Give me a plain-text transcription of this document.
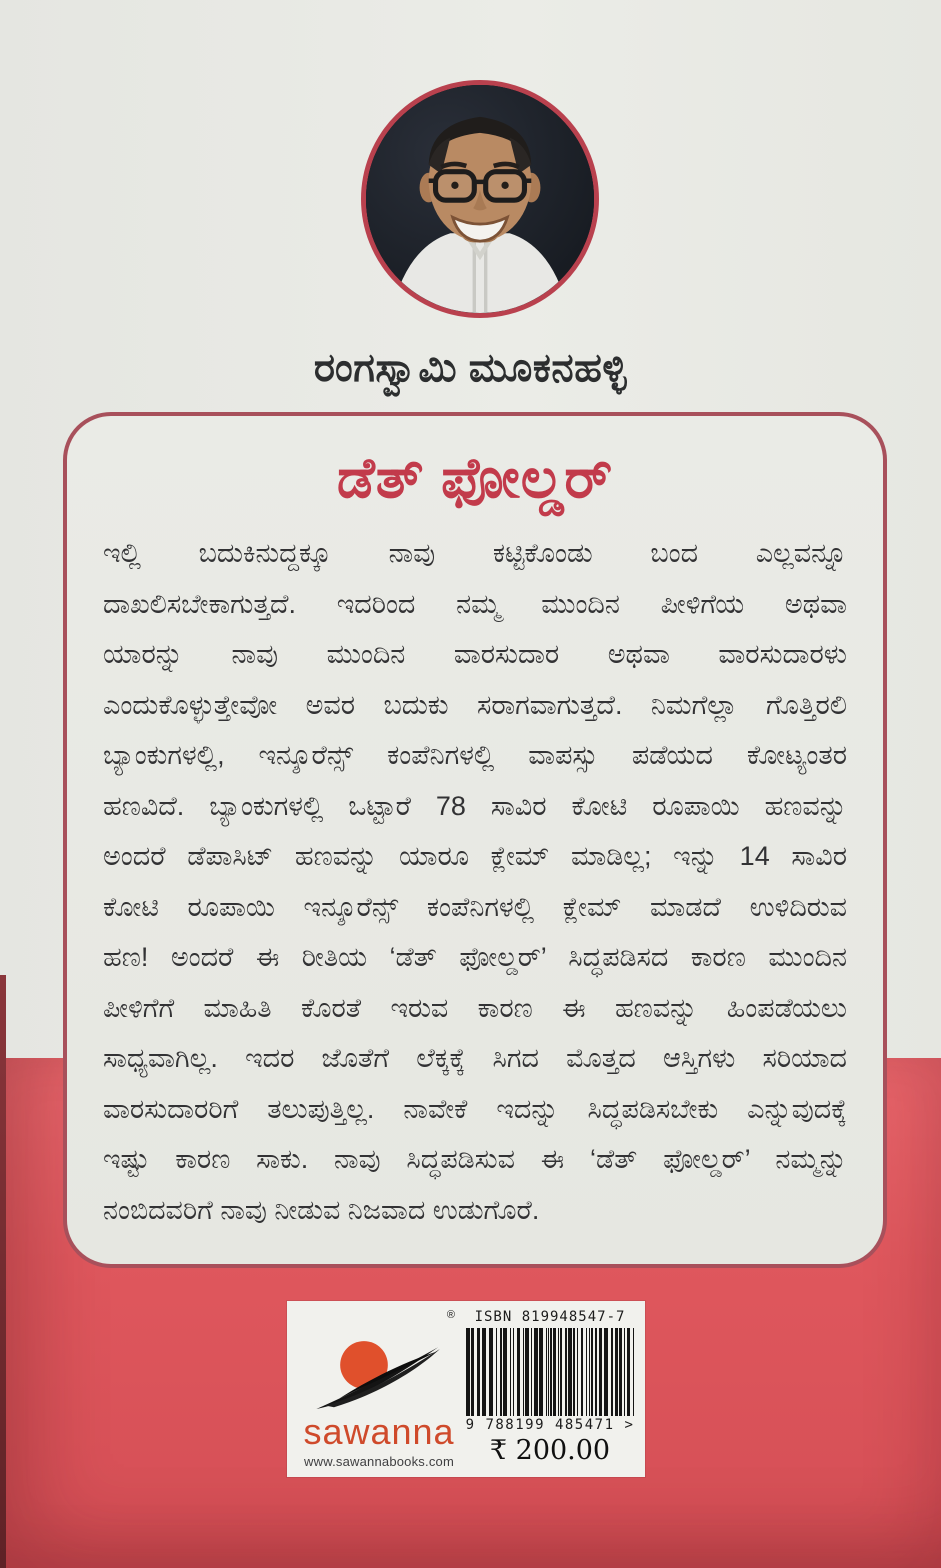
ರಂಗಸ್ವಾಮಿ ಮೂಕನಹಳ್ಳಿ
ಡೆತ್ ಫೋಲ್ಡರ್
ಇಲ್ಲಿ ಬದುಕಿನುದ್ದಕ್ಕೂ ನಾವು ಕಟ್ಟಿಕೊಂಡು ಬಂದ ಎಲ್ಲವನ್ನೂ
ದಾಖಲಿಸಬೇಕಾಗುತ್ತದೆ. ಇದರಿಂದ ನಮ್ಮ ಮುಂದಿನ ಪೀಳಿಗೆಯ ಅಥವಾ
ಯಾರನ್ನು ನಾವು ಮುಂದಿನ ವಾರಸುದಾರ ಅಥವಾ ವಾರಸುದಾರಳು
ಎಂದುಕೊಳ್ಳುತ್ತೇವೋ ಅವರ ಬದುಕು ಸರಾಗವಾಗುತ್ತದೆ. ನಿಮಗೆಲ್ಲಾ ಗೊತ್ತಿರಲಿ
ಬ್ಯಾಂಕುಗಳಲ್ಲಿ, ಇನ್ಶೂರೆನ್ಸ್ ಕಂಪೆನಿಗಳಲ್ಲಿ ವಾಪಸ್ಸು ಪಡೆಯದ ಕೋಟ್ಯಂತರ
ಹಣವಿದೆ. ಬ್ಯಾಂಕುಗಳಲ್ಲಿ ಒಟ್ಟಾರೆ 78 ಸಾವಿರ ಕೋಟಿ ರೂಪಾಯಿ ಹಣವನ್ನು
ಅಂದರೆ ಡೆಪಾಸಿಟ್ ಹಣವನ್ನು ಯಾರೂ ಕ್ಲೇಮ್ ಮಾಡಿಲ್ಲ; ಇನ್ನು 14 ಸಾವಿರ
ಕೋಟಿ ರೂಪಾಯಿ ಇನ್ಶೂರೆನ್ಸ್ ಕಂಪೆನಿಗಳಲ್ಲಿ ಕ್ಲೇಮ್ ಮಾಡದೆ ಉಳಿದಿರುವ
ಹಣ! ಅಂದರೆ ಈ ರೀತಿಯ ‘ಡೆತ್ ಫೋಲ್ಡರ್’ ಸಿದ್ಧಪಡಿಸದ ಕಾರಣ ಮುಂದಿನ
ಪೀಳಿಗೆಗೆ ಮಾಹಿತಿ ಕೊರತೆ ಇರುವ ಕಾರಣ ಈ ಹಣವನ್ನು ಹಿಂಪಡೆಯಲು
ಸಾಧ್ಯವಾಗಿಲ್ಲ. ಇದರ ಜೊತೆಗೆ ಲೆಕ್ಕಕ್ಕೆ ಸಿಗದ ಮೊತ್ತದ ಆಸ್ತಿಗಳು ಸರಿಯಾದ
ವಾರಸುದಾರರಿಗೆ ತಲುಪುತ್ತಿಲ್ಲ. ನಾವೇಕೆ ಇದನ್ನು ಸಿದ್ಧಪಡಿಸಬೇಕು ಎನ್ನುವುದಕ್ಕೆ
ಇಷ್ಟು ಕಾರಣ ಸಾಕು. ನಾವು ಸಿದ್ಧಪಡಿಸುವ ಈ ‘ಡೆತ್ ಫೋಲ್ಡರ್’ ನಮ್ಮನ್ನು
ನಂಬಿದವರಿಗೆ ನಾವು ನೀಡುವ ನಿಜವಾದ ಉಡುಗೊರೆ.
®
sawanna
www.sawannabooks.com
ISBN 819948547-7
9 788199 485471 >
₹ 200.00
